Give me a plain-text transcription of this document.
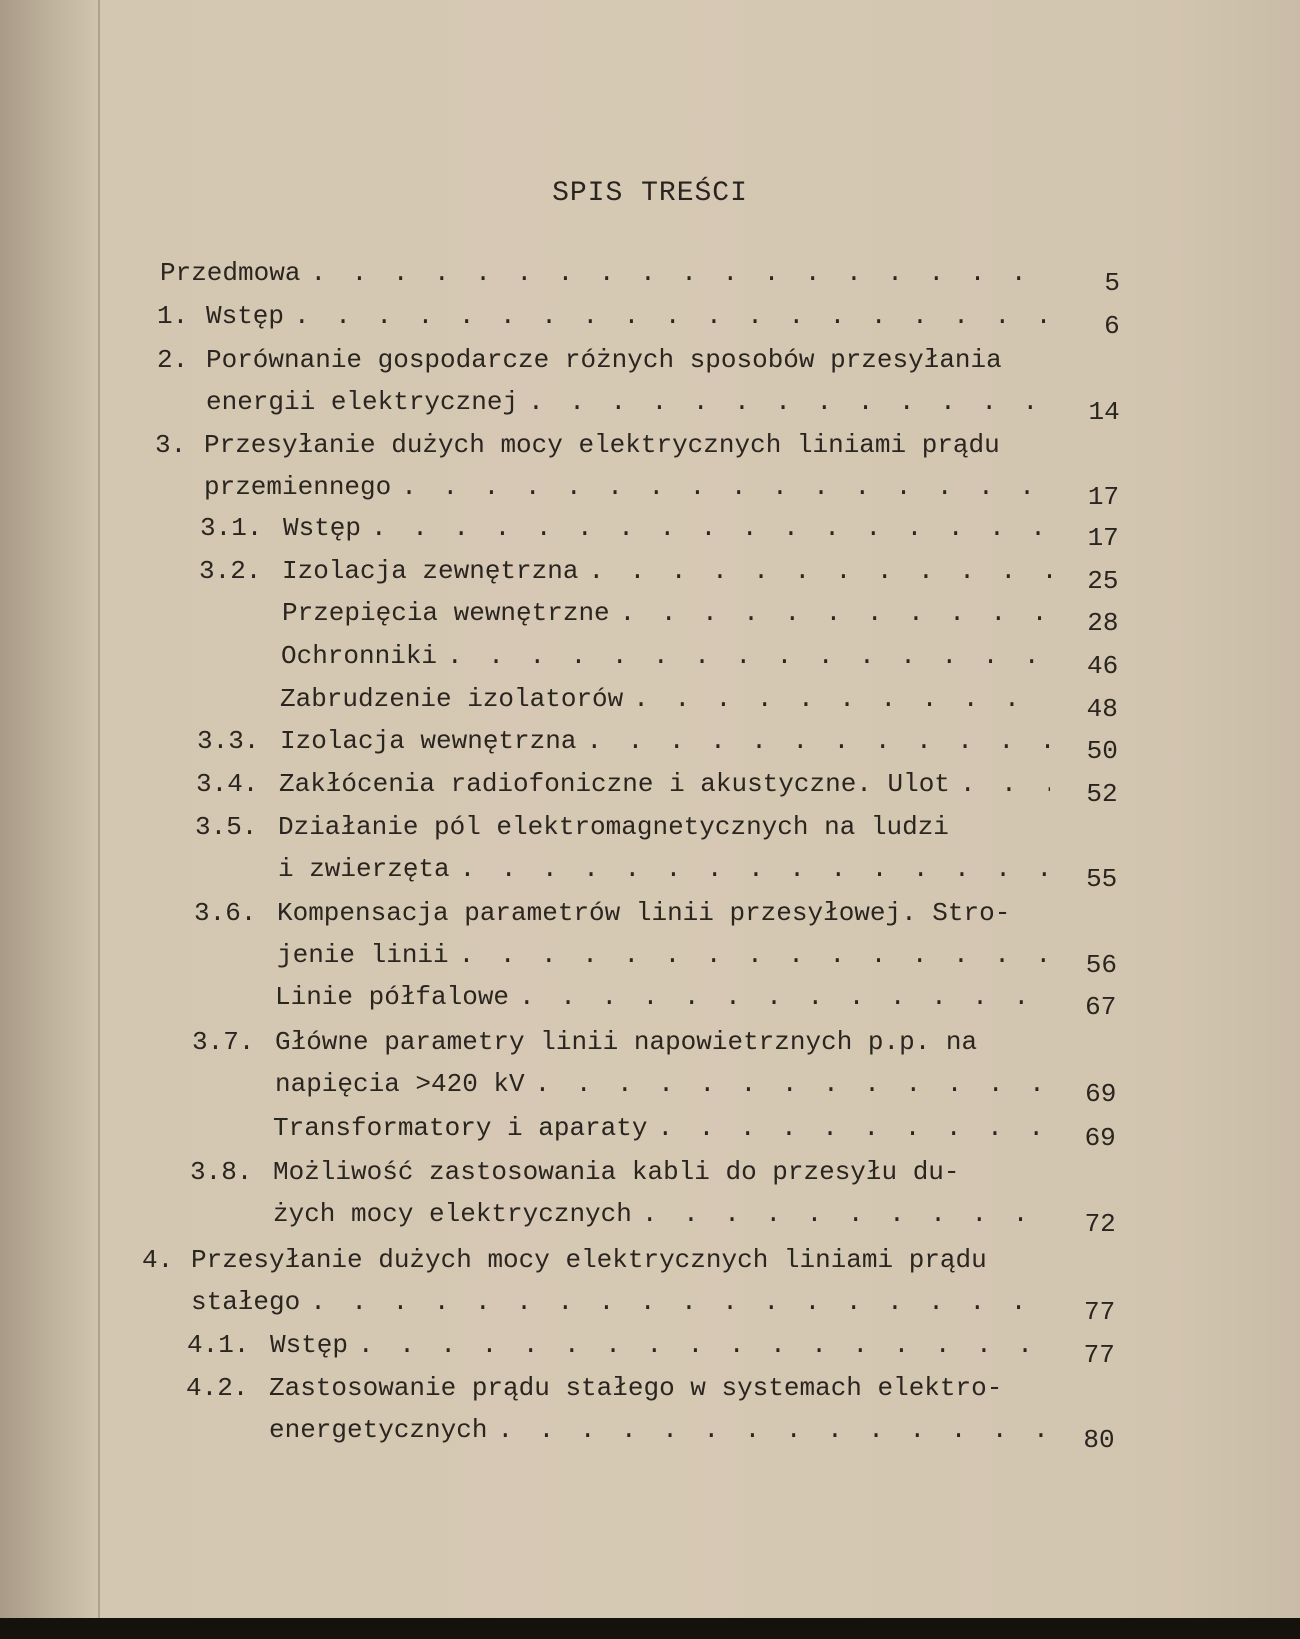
SPIS TREŚCI
5
Przedmowa
. . .
6
1. Wstęp
. . .
2. Porównanie gospodarcze różnych sposobów przesyłania
14
energii elektrycznej
. . .
3. Przesyłanie dużych mocy elektrycznych liniami prądu
17
przemiennego
. . .
17
3.1. Wstęp
. . .
25
3.2. Izolacja zewnętrzna
. . .
28
Przepięcia wewnętrzne
. . .
46
Ochronniki
. . .
48
Zabrudzenie izolatorów
. . .
50
3.3. Izolacja wewnętrzna
. . .
52
3.4. Zakłócenia radiofoniczne i akustyczne. Ulot
. . .
3.5. Działanie pól elektromagnetycznych na ludzi
55
i zwierzęta
. . .
3.6. Kompensacja parametrów linii przesyłowej. Stro-
56
jenie linii
. . .
67
Linie półfalowe
. . .
3.7. Główne parametry linii napowietrznych p.p. na
69
napięcia >420 kV
. . .
69
Transformatory i aparaty
. . .
3.8. Możliwość zastosowania kabli do przesyłu du-
72
żych mocy elektrycznych
. . .
4. Przesyłanie dużych mocy elektrycznych liniami prądu
77
stałego
. . .
77
4.1. Wstęp
. . .
4.2. Zastosowanie prądu stałego w systemach elektro-
80
energetycznych
. . .
